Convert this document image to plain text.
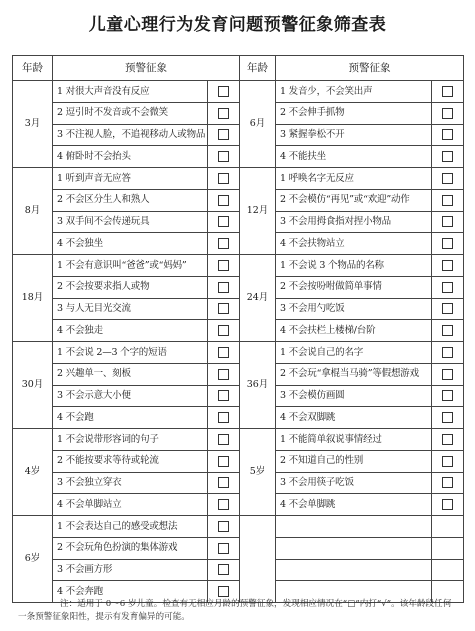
儿童心理行为发育问题预警征象筛查表
年龄	预警征象		年龄	预警征象	
3月	1 对很大声音没有反应		6月	1 发音少，不会笑出声	
	2 逗引时不发音或不会微笑			2 不会伸手抓物	
	3 不注视人脸，不追视移动人或物品			3 紧握拳松不开	
	4 俯卧时不会抬头			4 不能扶坐	
8月	1 听到声音无应答		12月	1 呼唤名字无反应	
	2 不会区分生人和熟人			2 不会模仿“再见”或“欢迎”动作	
	3 双手间不会传递玩具			3 不会用拇食指对捏小物品	
	4 不会独坐			4 不会扶物站立	
18月	1 不会有意识叫“爸爸”或“妈妈”		24月	1 不会说 3 个物品的名称	
	2 不会按要求指人或物			2 不会按吩咐做简单事情	
	3 与人无目光交流			3 不会用勺吃饭	
	4 不会独走			4 不会扶栏上楼梯/台阶	
30月	1 不会说 2—3 个字的短语		36月	1 不会说自己的名字	
	2 兴趣单一、刻板			2 不会玩“拿棍当马骑”等假想游戏	
	3 不会示意大小便			3 不会模仿画圆	
	4 不会跑			4 不会双脚跳	
4岁	1 不会说带形容词的句子		5岁	1 不能简单叙说事情经过	
	2 不能按要求等待或轮流			2 不知道自己的性别	
	3 不会独立穿衣			3 不会用筷子吃饭	
	4 不会单脚站立			4 不会单脚跳	
6岁	1 不会表达自己的感受或想法				
	2 不会玩角色扮演的集体游戏				
	3 不会画方形				
	4 不会奔跑				
注：适用于 0～6 岁儿童。检查有无相应月龄的预警征象，发现相应情况在“□”内打“√”。该年龄段任何一条预警征象阳性，提示有发育偏异的可能。
